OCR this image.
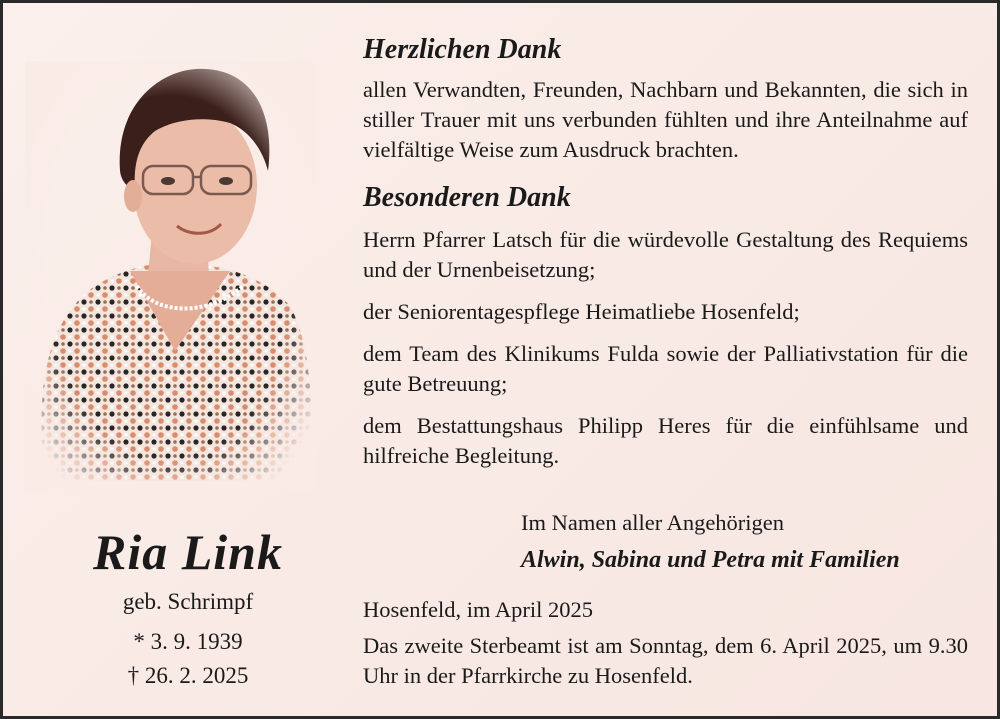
Ria Link
geb. Schrimpf
* 3. 9. 1939
† 26. 2. 2025
Herzlichen Dank

allen Verwandten, Freunden, Nachbarn und Bekannten, die sich in stiller Trauer mit uns verbunden fühlten und ihre Anteilnahme auf vielfältige Weise zum Ausdruck brachten.

Besonderen Dank

Herrn Pfarrer Latsch für die würdevolle Gestaltung des Requiems und der Urnenbeisetzung;

der Seniorentagespflege Heimatliebe Hosenfeld;

dem Team des Klinikums Fulda sowie der Palliativstation für die gute Betreuung;

dem Bestattungshaus Philipp Heres für die einfühlsame und hilfreiche Begleitung.

Im Namen aller Angehörigen
Alwin, Sabina und Petra mit Familien

Hosenfeld, im April 2025

Das zweite Sterbeamt ist am Sonntag, dem 6. April 2025, um 9.30 Uhr in der Pfarrkirche zu Hosenfeld.
